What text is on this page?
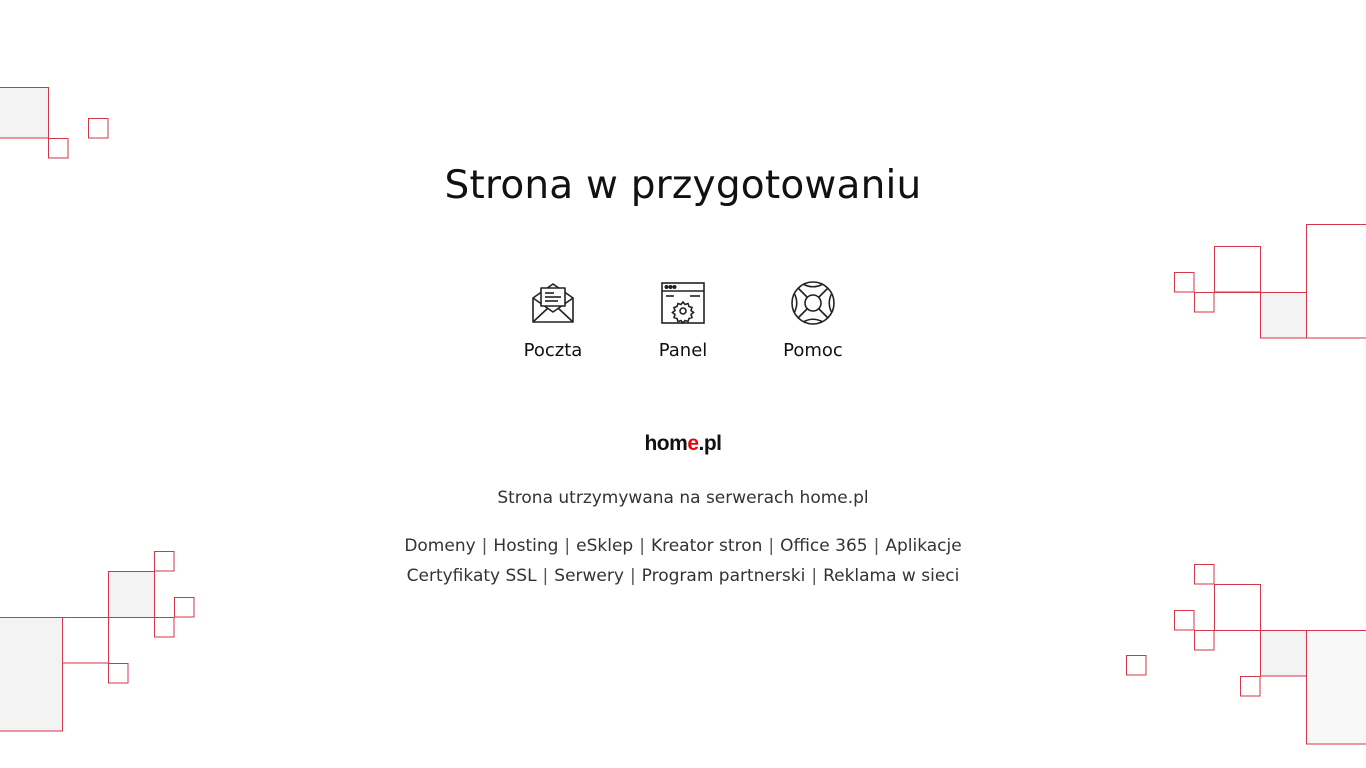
Strona w przygotowaniu
Poczta	Panel	Pomoc
home.pl
Strona utrzymywana na serwerach home.pl
Domeny | Hosting | eSklep | Kreator stron | Office 365 | Aplikacje
Certyfikaty SSL | Serwery | Program partnerski | Reklama w sieci
